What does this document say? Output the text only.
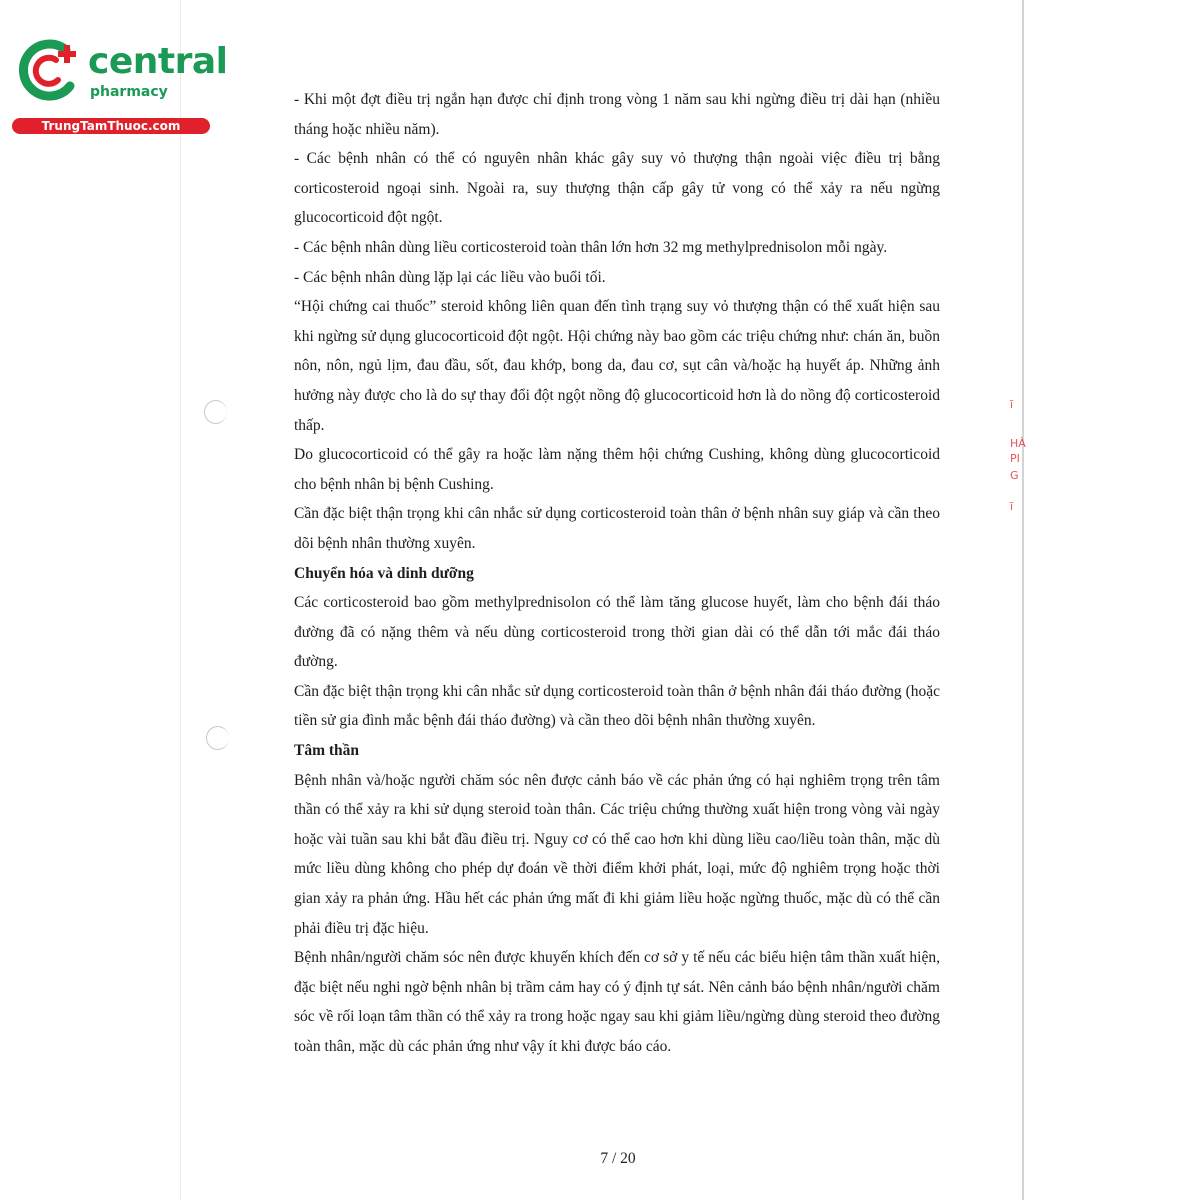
central
pharmacy
TrungTamThuoc.com
ĩ
HÀ
PI
G
ĩ

- Khi một đợt điều trị ngắn hạn được chỉ định trong vòng 1 năm sau khi ngừng điều trị dài hạn (nhiều tháng hoặc nhiều năm).

- Các bệnh nhân có thể có nguyên nhân khác gây suy vỏ thượng thận ngoài việc điều trị bằng corticosteroid ngoại sinh. Ngoài ra, suy thượng thận cấp gây tử vong có thể xảy ra nếu ngừng glucocorticoid đột ngột.

- Các bệnh nhân dùng liều corticosteroid toàn thân lớn hơn 32 mg methylprednisolon mỗi ngày.

- Các bệnh nhân dùng lặp lại các liều vào buổi tối.

“Hội chứng cai thuốc” steroid không liên quan đến tình trạng suy vỏ thượng thận có thể xuất hiện sau khi ngừng sử dụng glucocorticoid đột ngột. Hội chứng này bao gồm các triệu chứng như: chán ăn, buồn nôn, nôn, ngủ lịm, đau đầu, sốt, đau khớp, bong da, đau cơ, sụt cân và/hoặc hạ huyết áp. Những ảnh hưởng này được cho là do sự thay đổi đột ngột nồng độ glucocorticoid hơn là do nồng độ corticosteroid thấp.

Do glucocorticoid có thể gây ra hoặc làm nặng thêm hội chứng Cushing, không dùng glucocorticoid cho bệnh nhân bị bệnh Cushing.

Cần đặc biệt thận trọng khi cân nhắc sử dụng corticosteroid toàn thân ở bệnh nhân suy giáp và cần theo dõi bệnh nhân thường xuyên.

Chuyển hóa và dinh dưỡng

Các corticosteroid bao gồm methylprednisolon có thể làm tăng glucose huyết, làm cho bệnh đái tháo đường đã có nặng thêm và nếu dùng corticosteroid trong thời gian dài có thể dẫn tới mắc đái tháo đường.

Cần đặc biệt thận trọng khi cân nhắc sử dụng corticosteroid toàn thân ở bệnh nhân đái tháo đường (hoặc tiền sử gia đình mắc bệnh đái tháo đường) và cần theo dõi bệnh nhân thường xuyên.

Tâm thần

Bệnh nhân và/hoặc người chăm sóc nên được cảnh báo về các phản ứng có hại nghiêm trọng trên tâm thần có thể xảy ra khi sử dụng steroid toàn thân. Các triệu chứng thường xuất hiện trong vòng vài ngày hoặc vài tuần sau khi bắt đầu điều trị. Nguy cơ có thể cao hơn khi dùng liều cao/liều toàn thân, mặc dù mức liều dùng không cho phép dự đoán về thời điểm khởi phát, loại, mức độ nghiêm trọng hoặc thời gian xảy ra phản ứng. Hầu hết các phản ứng mất đi khi giảm liều hoặc ngừng thuốc, mặc dù có thể cần phải điều trị đặc hiệu.

Bệnh nhân/người chăm sóc nên được khuyến khích đến cơ sở y tế nếu các biểu hiện tâm thần xuất hiện, đặc biệt nếu nghi ngờ bệnh nhân bị trầm cảm hay có ý định tự sát. Nên cảnh báo bệnh nhân/người chăm sóc về rối loạn tâm thần có thể xảy ra trong hoặc ngay sau khi giảm liều/ngừng dùng steroid theo đường toàn thân, mặc dù các phản ứng như vậy ít khi được báo cáo.

7 / 20
